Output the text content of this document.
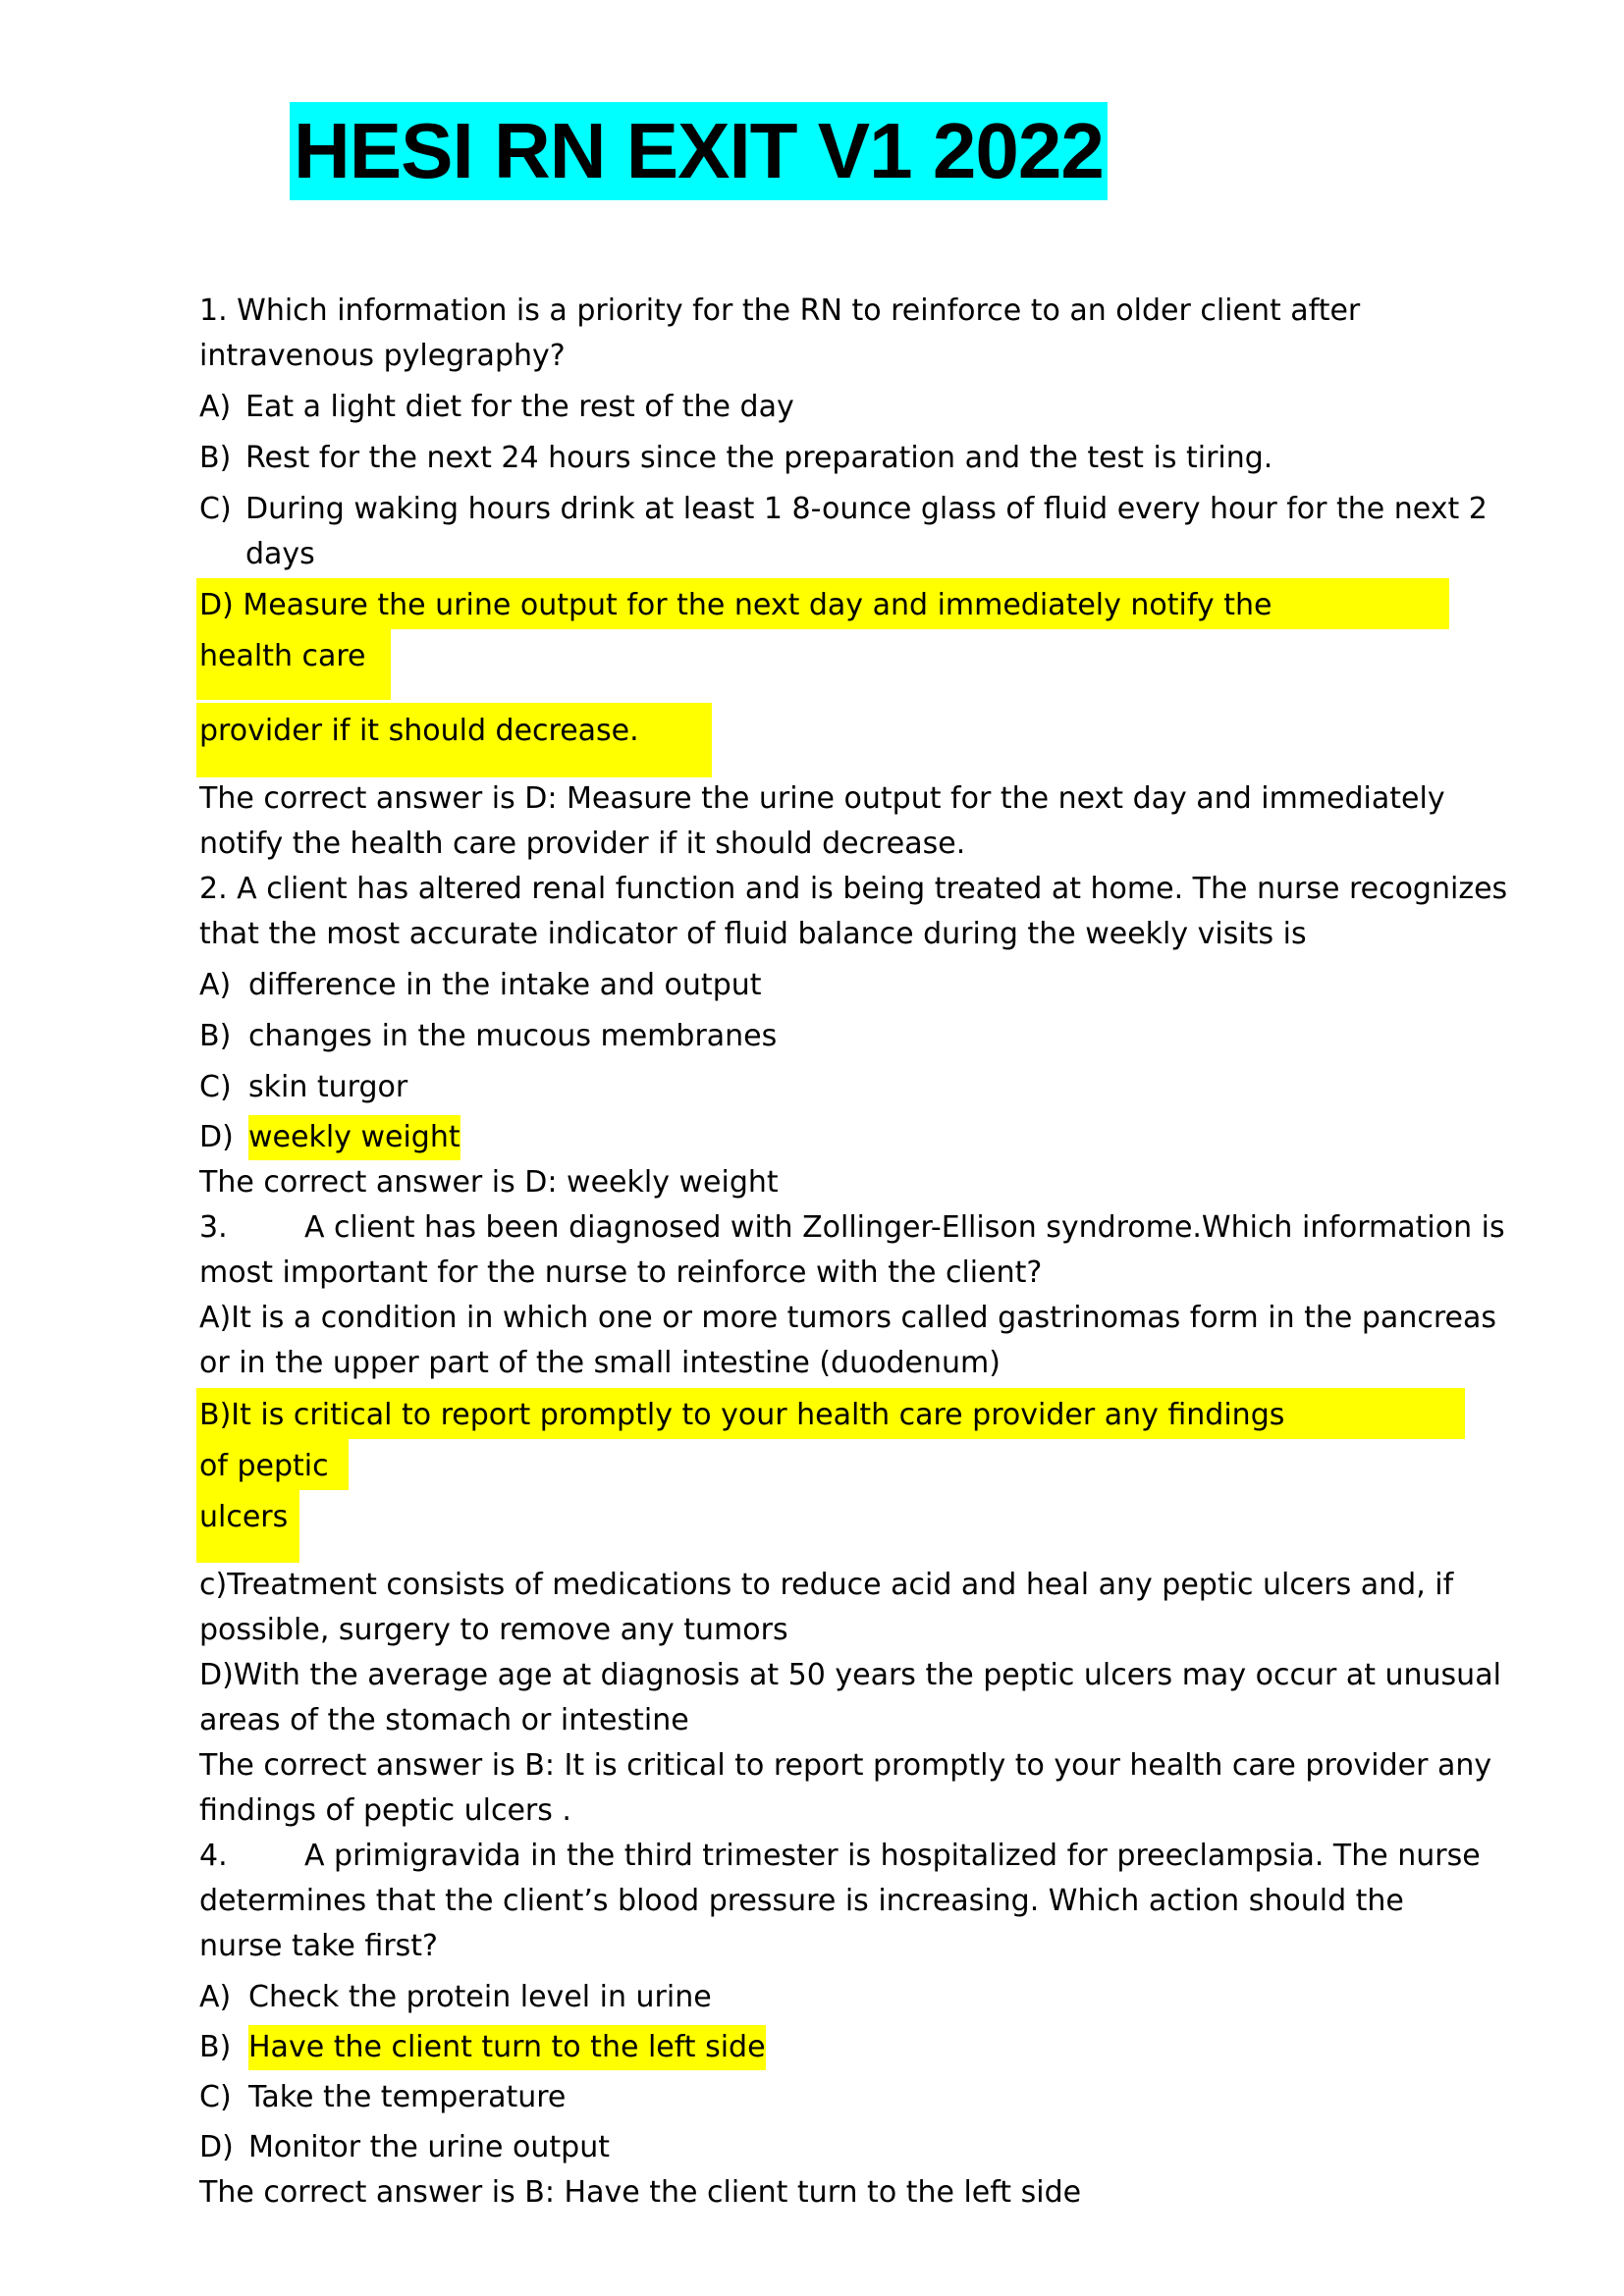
HESI RN EXIT V1 2022
1. Which information is a priority for the RN to reinforce to an older client after
intravenous pylegraphy?
A) Eat a light diet for the rest of the day
B) Rest for the next 24 hours since the preparation and the test is tiring.
C) During waking hours drink at least 1 8-ounce glass of fluid every hour for the next 2
days
D) Measure the urine output for the next day and immediately notify the
health care
provider if it should decrease.
The correct answer is D: Measure the urine output for the next day and immediately
notify the health care provider if it should decrease.
2. A client has altered renal function and is being treated at home. The nurse recognizes
that the most accurate indicator of fluid balance during the weekly visits is
A) difference in the intake and output
B) changes in the mucous membranes
C) skin turgor
D) weekly weight
The correct answer is D: weekly weight
3.	A client has been diagnosed with Zollinger-Ellison syndrome.Which information is
most important for the nurse to reinforce with the client?
A)It is a condition in which one or more tumors called gastrinomas form in the pancreas
or in the upper part of the small intestine (duodenum)
B)It is critical to report promptly to your health care provider any findings
of peptic
ulcers
c)Treatment consists of medications to reduce acid and heal any peptic ulcers and, if
possible, surgery to remove any tumors
D)With the average age at diagnosis at 50 years the peptic ulcers may occur at unusual
areas of the stomach or intestine
The correct answer is B: It is critical to report promptly to your health care provider any
findings of peptic ulcers .
4.	A primigravida in the third trimester is hospitalized for preeclampsia. The nurse
determines that the client’s blood pressure is increasing. Which action should the
nurse take first?
A) Check the protein level in urine
B) Have the client turn to the left side
C) Take the temperature
D) Monitor the urine output
The correct answer is B: Have the client turn to the left side
